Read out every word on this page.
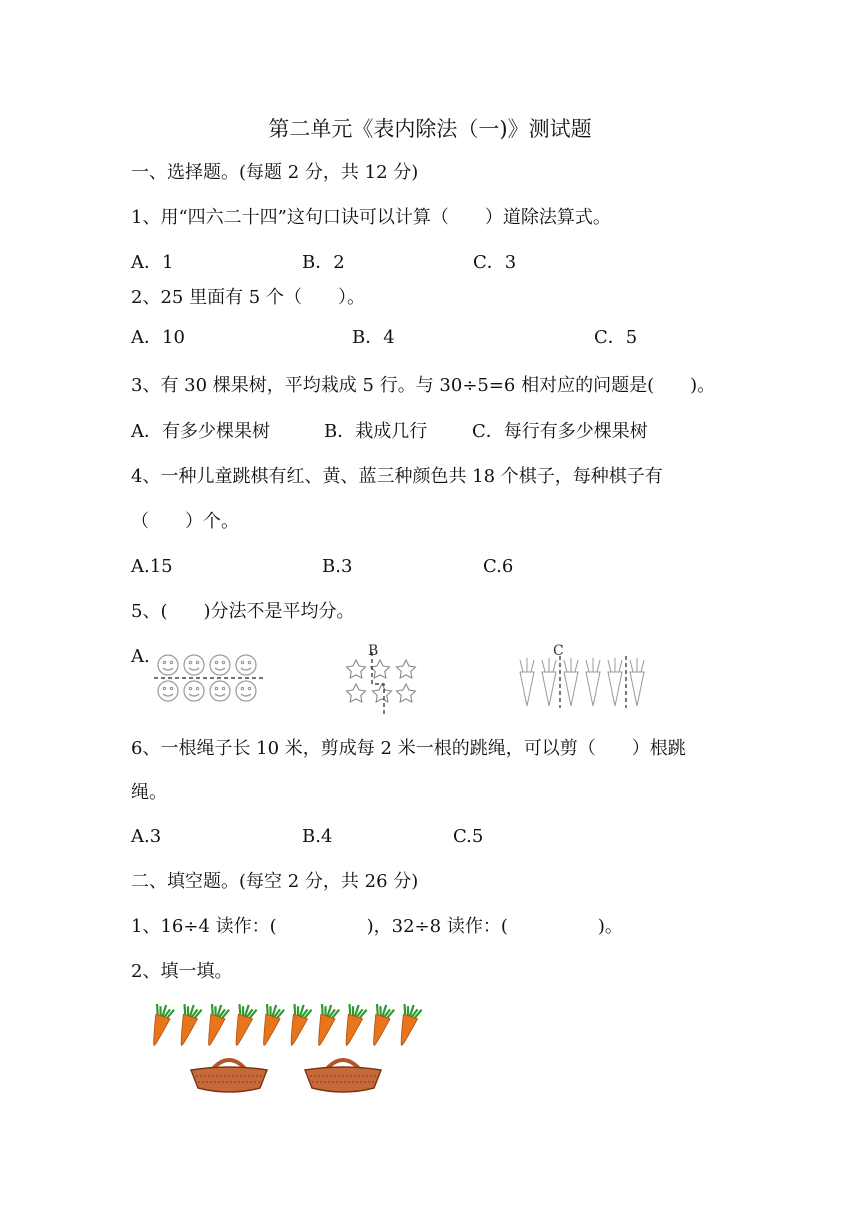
第二单元《表内除法（一)》测试题
一、选择题。(每题 2 分，共 12 分)
1、用“四六二十四”这句口诀可以计算（　　）道除法算式。
A．1	B．2	C．3
2、25 里面有 5 个（　　）。
A．10	B．4	C．5
3、有 30 棵果树，平均栽成 5 行。与 30÷5=6 相对应的问题是(　　)。
A．有多少棵果树	B．栽成几行 C．每行有多少棵果树
4、一种儿童跳棋有红、黄、蓝三种颜色共 18 个棋子，每种棋子有
（　　）个。
A.15	B.3	C.6
5、(　　)分法不是平均分。
A.	B	C
6、一根绳子长 10 米，剪成每 2 米一根的跳绳，可以剪（　　）根跳
绳。
A.3	B.4	C.5
二、填空题。(每空 2 分，共 26 分)
1、16÷4 读作：(　　　　　)，32÷8 读作：(　　　　　)。
2、填一填。
